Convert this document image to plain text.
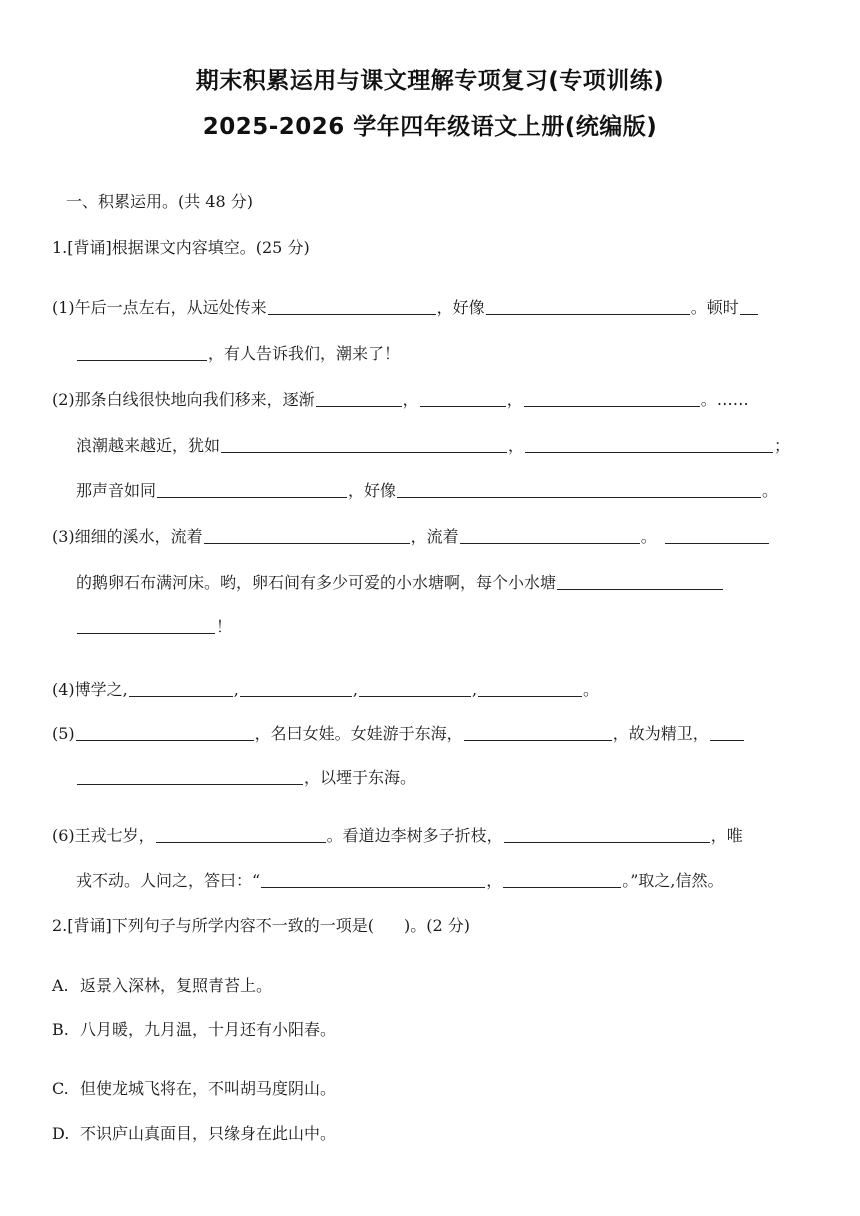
期末积累运用与课文理解专项复习(专项训练)
2025-2026 学年四年级语文上册(统编版)
一、积累运用。(共 48 分)
1.[背诵]根据课文内容填空。(25 分)
(1)午后一点左右，从远处传来	，好像	。顿时
，有人告诉我们，潮来了！
(2)那条白线很快地向我们移来，逐渐	，	，	。……
浪潮越来越近，犹如	，	；
那声音如同	，好像	。
(3)细细的溪水，流着	，流着	。
的鹅卵石布满河床。哟，卵石间有多少可爱的小水塘啊，每个小水塘
！
(4)博学之,	,	,	,	。
(5)	，名曰女娃。女娃游于东海，	，故为精卫，
，以堙于东海。
(6)王戎七岁，	。看道边李树多子折枝，	，唯
戎不动。人问之，答曰：“	，	。”取之,信然。
2.[背诵]下列句子与所学内容不一致的一项是( )。(2 分)
A. 返景入深林，复照青苔上。
B. 八月暖，九月温，十月还有小阳春。
C. 但使龙城飞将在，不叫胡马度阴山。
D. 不识庐山真面目，只缘身在此山中。
